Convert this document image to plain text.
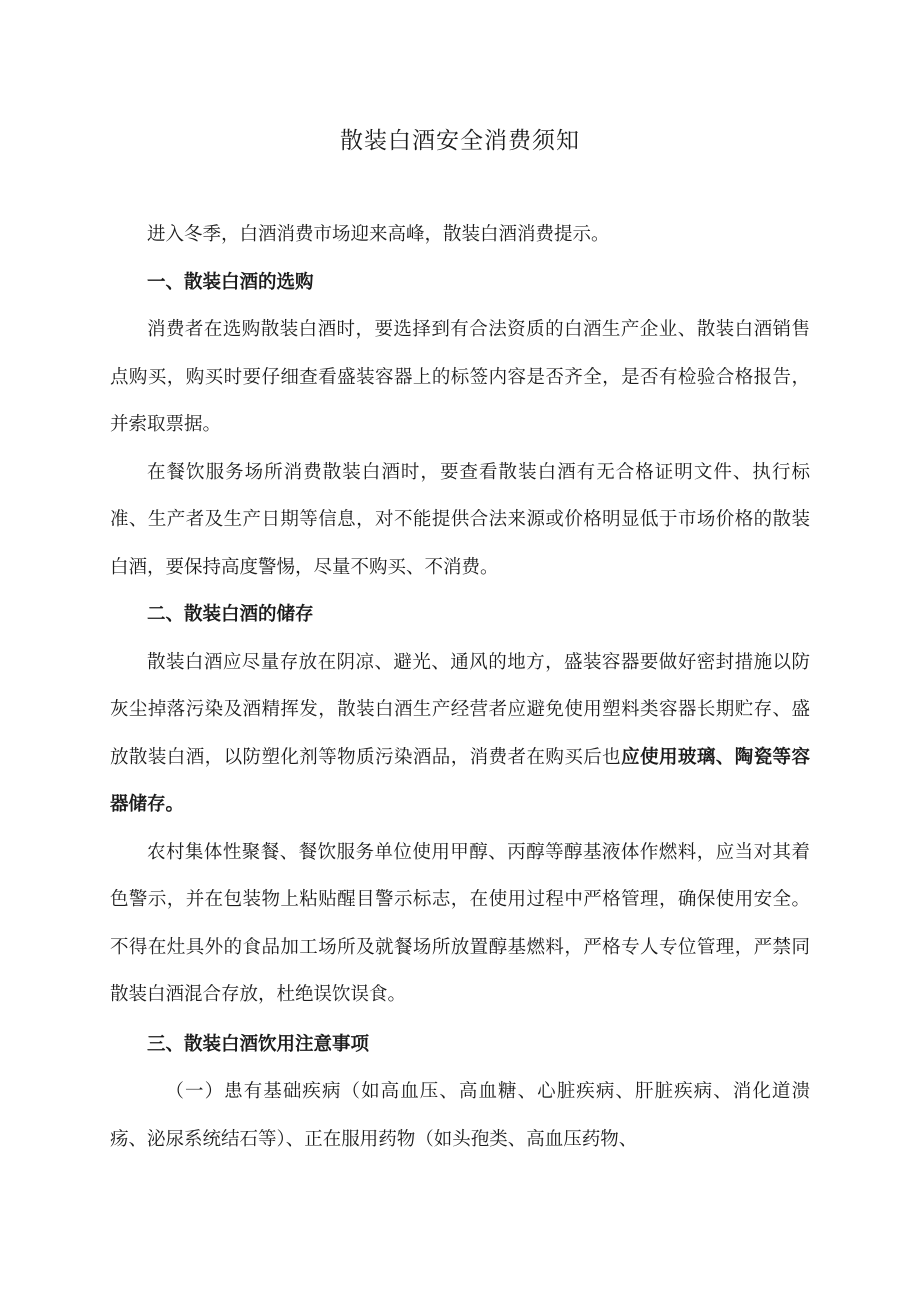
散装白酒安全消费须知

进入冬季，白酒消费市场迎来高峰，散装白酒消费提示。

一、散装白酒的选购

消费者在选购散装白酒时，要选择到有合法资质的白酒生产企业、散装白酒销售点购买，购买时要仔细查看盛装容器上的标签内容是否齐全，是否有检验合格报告，并索取票据。

在餐饮服务场所消费散装白酒时，要查看散装白酒有无合格证明文件、执行标准、生产者及生产日期等信息，对不能提供合法来源或价格明显低于市场价格的散装白酒，要保持高度警惕，尽量不购买、不消费。

二、散装白酒的储存

散装白酒应尽量存放在阴凉、避光、通风的地方，盛装容器要做好密封措施以防灰尘掉落污染及酒精挥发，散装白酒生产经营者应避免使用塑料类容器长期贮存、盛放散装白酒，以防塑化剂等物质污染酒品，消费者在购买后也应使用玻璃、陶瓷等容器储存。

农村集体性聚餐、餐饮服务单位使用甲醇、丙醇等醇基液体作燃料，应当对其着色警示，并在包装物上粘贴醒目警示标志，在使用过程中严格管理，确保使用安全。不得在灶具外的食品加工场所及就餐场所放置醇基燃料，严格专人专位管理，严禁同散装白酒混合存放，杜绝误饮误食。

三、散装白酒饮用注意事项

（一）患有基础疾病（如高血压、高血糖、心脏疾病、肝脏疾病、消化道溃疡、泌尿系统结石等）、正在服用药物（如头孢类、高血压药物、
